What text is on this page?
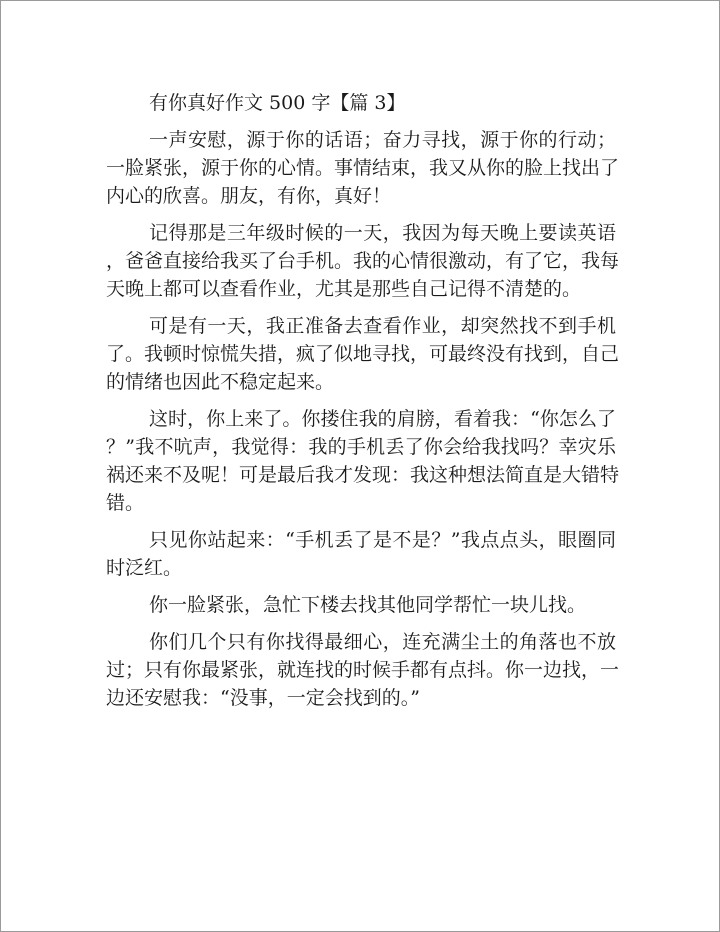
有你真好作文 500 字【篇 3】

一声安慰，源于你的话语；奋力寻找，源于你的行动；
一脸紧张，源于你的心情。事情结束，我又从你的脸上找出了
内心的欣喜。朋友，有你，真好！
记得那是三年级时候的一天，我因为每天晚上要读英语
，爸爸直接给我买了台手机。我的心情很激动，有了它，我每
天晚上都可以查看作业，尤其是那些自己记得不清楚的。
可是有一天，我正准备去查看作业，却突然找不到手机
了。我顿时惊慌失措，疯了似地寻找，可最终没有找到，自己
的情绪也因此不稳定起来。
这时，你上来了。你搂住我的肩膀，看着我：“你怎么了
？”我不吭声，我觉得：我的手机丢了你会给我找吗？幸灾乐
祸还来不及呢！可是最后我才发现：我这种想法简直是大错特
错。
只见你站起来：“手机丢了是不是？”我点点头，眼圈同
时泛红。
你一脸紧张，急忙下楼去找其他同学帮忙一块儿找。
你们几个只有你找得最细心，连充满尘土的角落也不放
过；只有你最紧张，就连找的时候手都有点抖。你一边找，一
边还安慰我：“没事，一定会找到的。”
